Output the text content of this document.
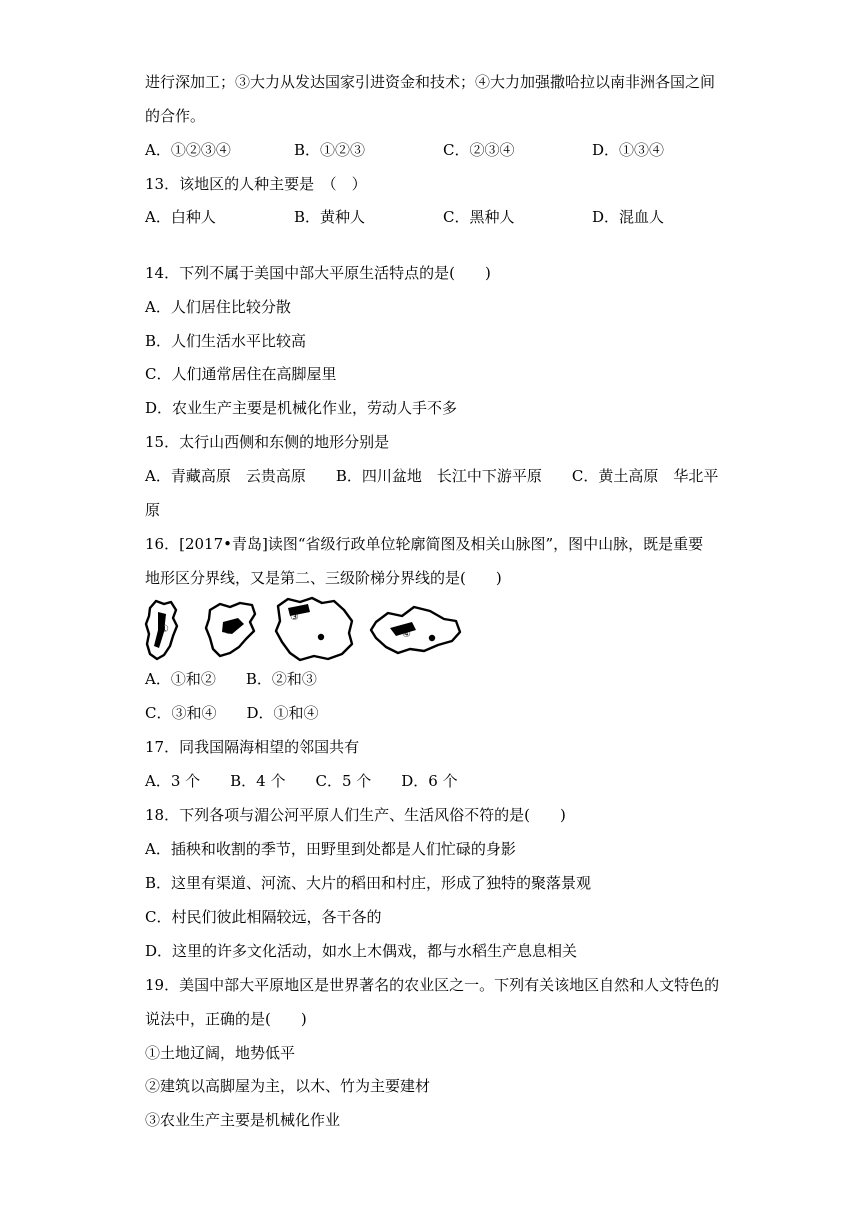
进行深加工；③大力从发达国家引进资金和技术；④大力加强撒哈拉以南非洲各国之间
的合作。
A．①②③④	B．①②③	C．②③④	D．①③④
13．该地区的人种主要是　（　）
A．白种人	B．黄种人	C．黑种人	D．混血人
14．下列不属于美国中部大平原生活特点的是(　　)
A．人们居住比较分散
B．人们生活水平比较高
C．人们通常居住在高脚屋里
D．农业生产主要是机械化作业，劳动人手不多
15．太行山西侧和东侧的地形分别是
A．青藏高原　云贵高原　　B．四川盆地　长江中下游平原　　C．黄土高原　华北平
原
16．[2017•青岛]读图“省级行政单位轮廓简图及相关山脉图”，图中山脉，既是重要
地形区分界线，又是第二、三级阶梯分界线的是(　　)
①	②
③
④
A．①和②　　B．②和③
C．③和④　　D．①和④
17．同我国隔海相望的邻国共有
A．3 个　　B．4 个　　C．5 个　　D．6 个
18．下列各项与湄公河平原人们生产、生活风俗不符的是(　　)
A．插秧和收割的季节，田野里到处都是人们忙碌的身影
B．这里有渠道、河流、大片的稻田和村庄，形成了独特的聚落景观
C．村民们彼此相隔较远，各干各的
D．这里的许多文化活动，如水上木偶戏，都与水稻生产息息相关
19．美国中部大平原地区是世界著名的农业区之一。下列有关该地区自然和人文特色的
说法中，正确的是(　　)
①土地辽阔，地势低平
②建筑以高脚屋为主，以木、竹为主要建材
③农业生产主要是机械化作业
